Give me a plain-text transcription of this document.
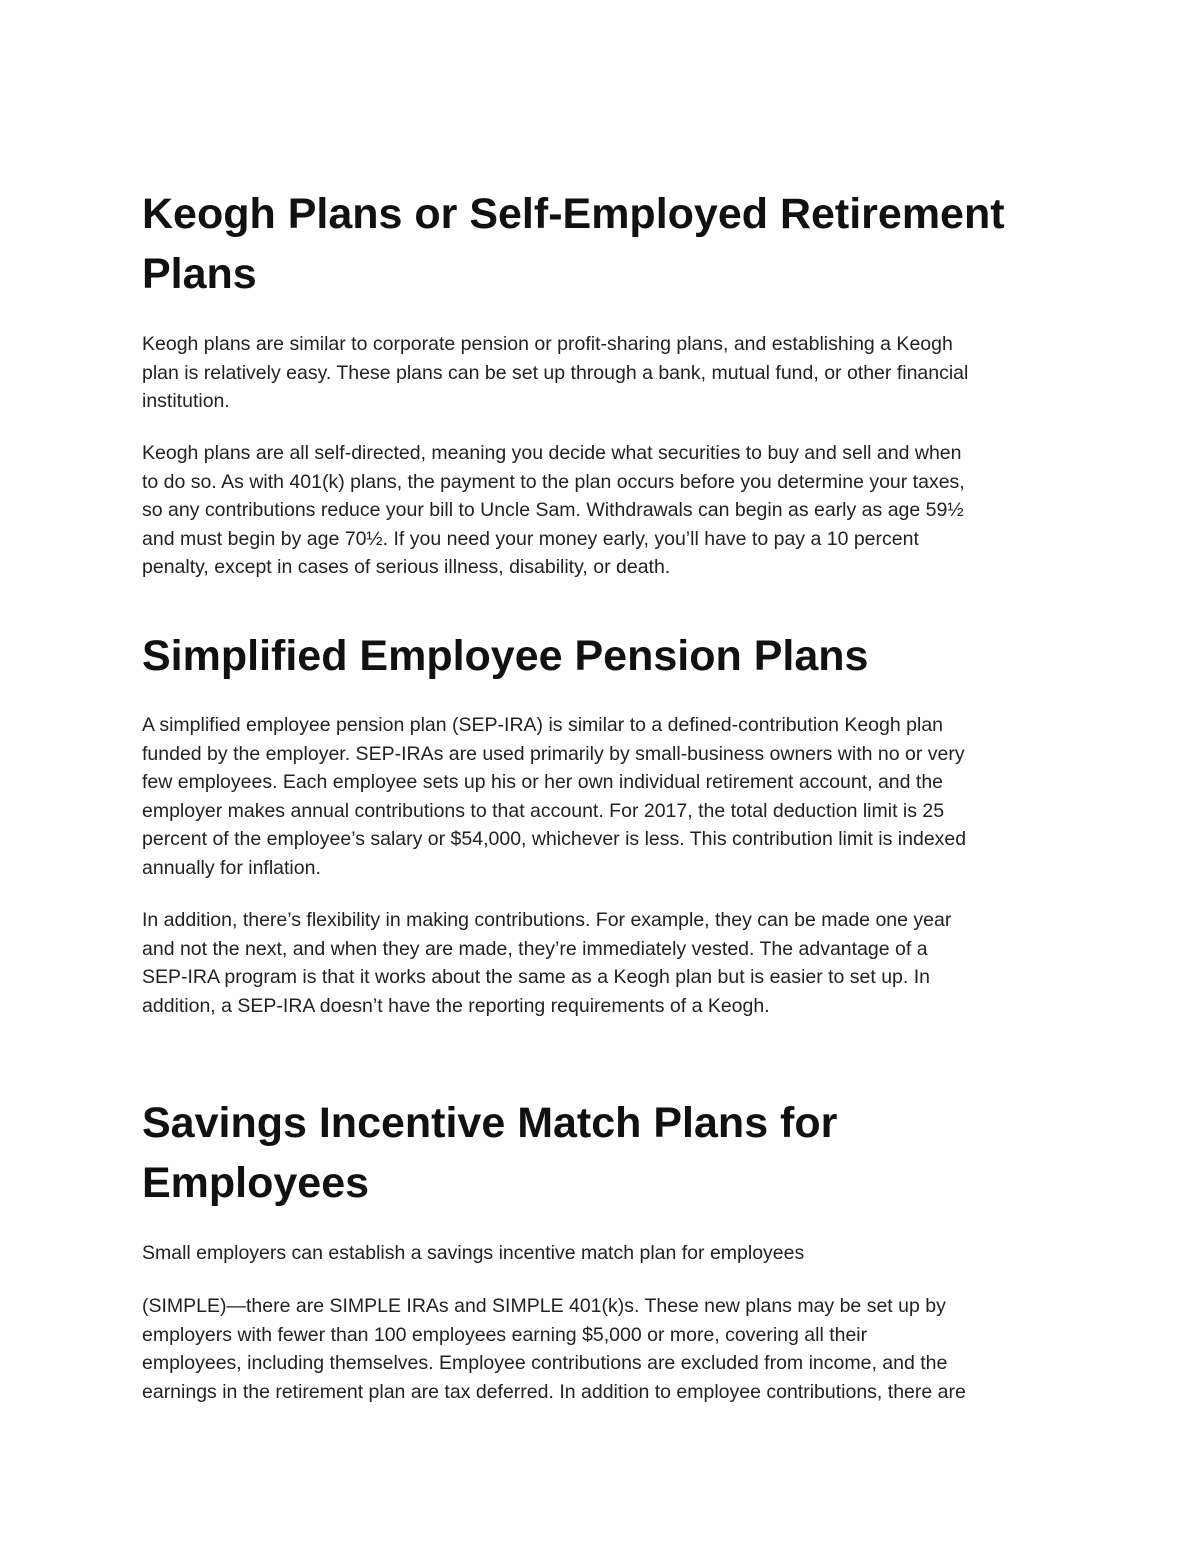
Keogh Plans or Self-Employed Retirement
Plans

Keogh plans are similar to corporate pension or profit-sharing plans, and establishing a Keogh
plan is relatively easy. These plans can be set up through a bank, mutual fund, or other financial
institution.

Keogh plans are all self-directed, meaning you decide what securities to buy and sell and when
to do so. As with 401(k) plans, the payment to the plan occurs before you determine your taxes,
so any contributions reduce your bill to Uncle Sam. Withdrawals can begin as early as age 59½
and must begin by age 70½. If you need your money early, you’ll have to pay a 10 percent
penalty, except in cases of serious illness, disability, or death.

Simplified Employee Pension Plans

A simplified employee pension plan (SEP-IRA) is similar to a defined-contribution Keogh plan
funded by the employer. SEP-IRAs are used primarily by small-business owners with no or very
few employees. Each employee sets up his or her own individual retirement account, and the
employer makes annual contributions to that account. For 2017, the total deduction limit is 25
percent of the employee’s salary or $54,000, whichever is less. This contribution limit is indexed
annually for inflation.

In addition, there’s flexibility in making contributions. For example, they can be made one year
and not the next, and when they are made, they’re immediately vested. The advantage of a
SEP-IRA program is that it works about the same as a Keogh plan but is easier to set up. In
addition, a SEP-IRA doesn’t have the reporting requirements of a Keogh.

Savings Incentive Match Plans for
Employees

Small employers can establish a savings incentive match plan for employees

(SIMPLE)—there are SIMPLE IRAs and SIMPLE 401(k)s. These new plans may be set up by
employers with fewer than 100 employees earning $5,000 or more, covering all their
employees, including themselves. Employee contributions are excluded from income, and the
earnings in the retirement plan are tax deferred. In addition to employee contributions, there are
